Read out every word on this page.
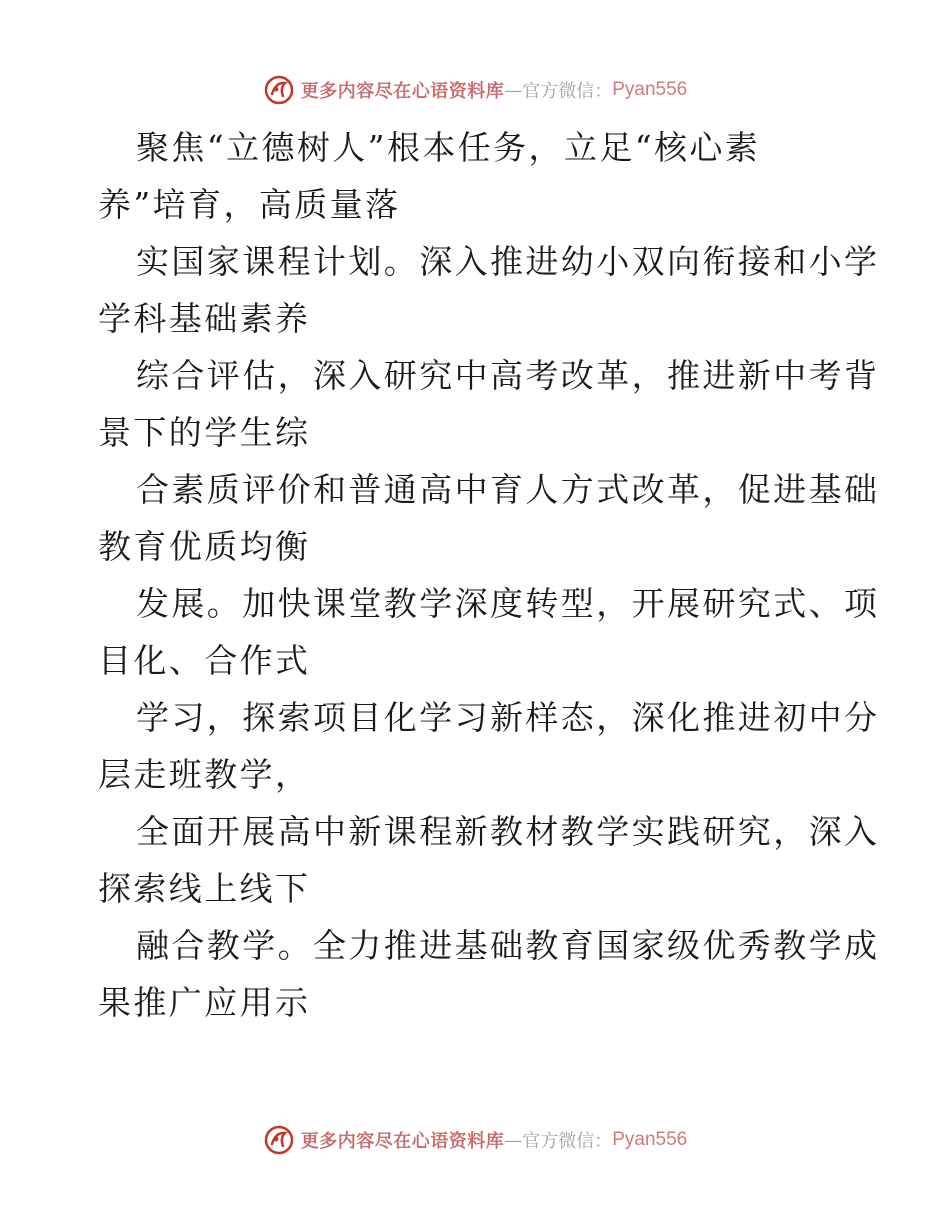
更多内容尽在心语资料库 — 官方微信： Pyan556
聚焦“立德树人”根本任务，立足“核心素
养”培育，高质量落
实国家课程计划。深入推进幼小双向衔接和小学
学科基础素养
综合评估，深入研究中高考改革，推进新中考背
景下的学生综
合素质评价和普通高中育人方式改革，促进基础
教育优质均衡
发展。加快课堂教学深度转型，开展研究式、项
目化、合作式
学习，探索项目化学习新样态，深化推进初中分
层走班教学，
全面开展高中新课程新教材教学实践研究，深入
探索线上线下
融合教学。全力推进基础教育国家级优秀教学成
果推广应用示
更多内容尽在心语资料库 — 官方微信： Pyan556
